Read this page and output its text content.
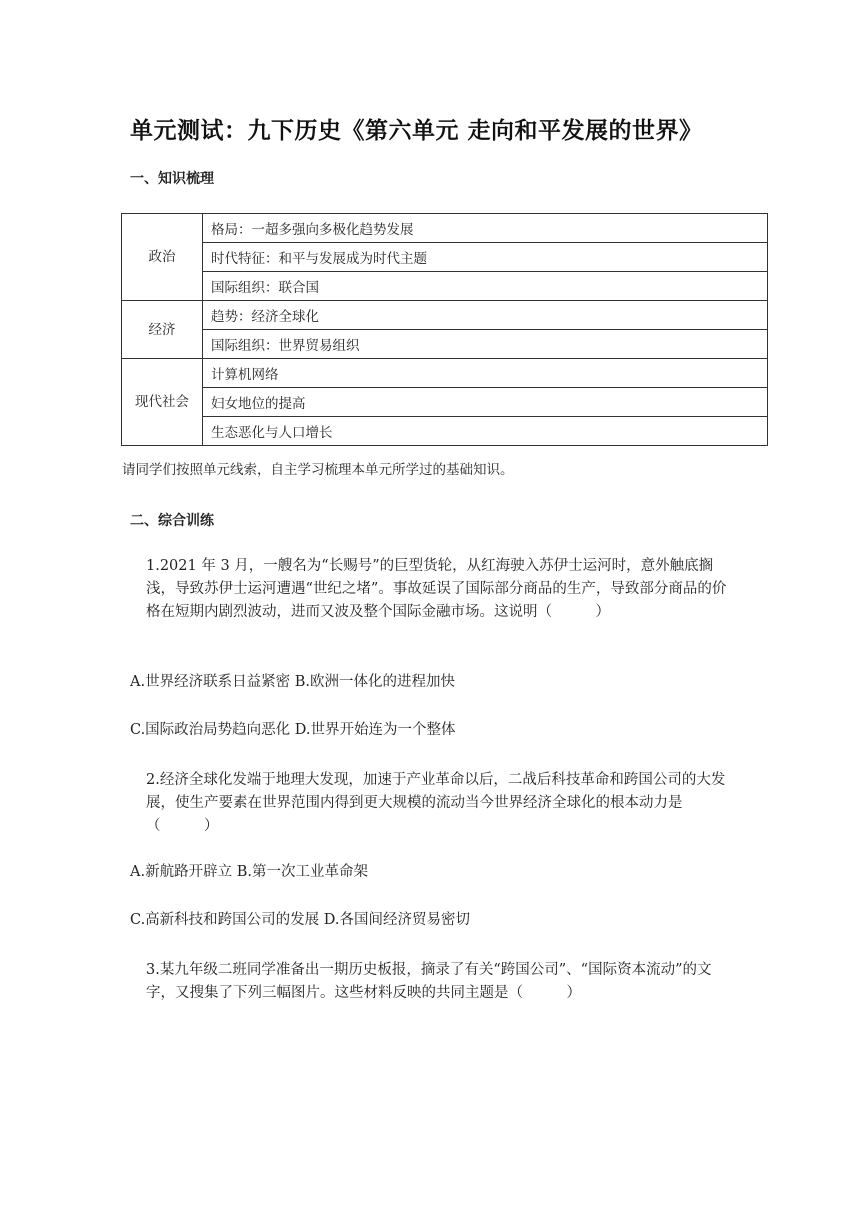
单元测试：九下历史《第六单元 走向和平发展的世界》
一、知识梳理
政治	格局：一超多强向多极化趋势发展
	时代特征：和平与发展成为时代主题
	国际组织：联合国
经济	趋势：经济全球化
	国际组织：世界贸易组织
现代社会	计算机网络
	妇女地位的提高
	生态恶化与人口增长
请同学们按照单元线索，自主学习梳理本单元所学过的基础知识。
二、综合训练
1.2021 年 3 月，一艘名为“长赐号”的巨型货轮，从红海驶入苏伊士运河时，意外触底搁浅，导致苏伊士运河遭遇“世纪之堵”。事故延误了国际部分商品的生产，导致部分商品的价格在短期内剧烈波动，进而又波及整个国际金融市场。这说明（　　　）
A.世界经济联系日益紧密 B.欧洲一体化的进程加快
C.国际政治局势趋向恶化 D.世界开始连为一个整体
2.经济全球化发端于地理大发现，加速于产业革命以后，二战后科技革命和跨国公司的大发展，使生产要素在世界范围内得到更大规模的流动当今世界经济全球化的根本动力是（　　　）
A.新航路开辟立 B.第一次工业革命架
C.高新科技和跨国公司的发展 D.各国间经济贸易密切
3.某九年级二班同学准备出一期历史板报，摘录了有关“跨国公司”、“国际资本流动”的文字，又搜集了下列三幅图片。这些材料反映的共同主题是（　　　）
